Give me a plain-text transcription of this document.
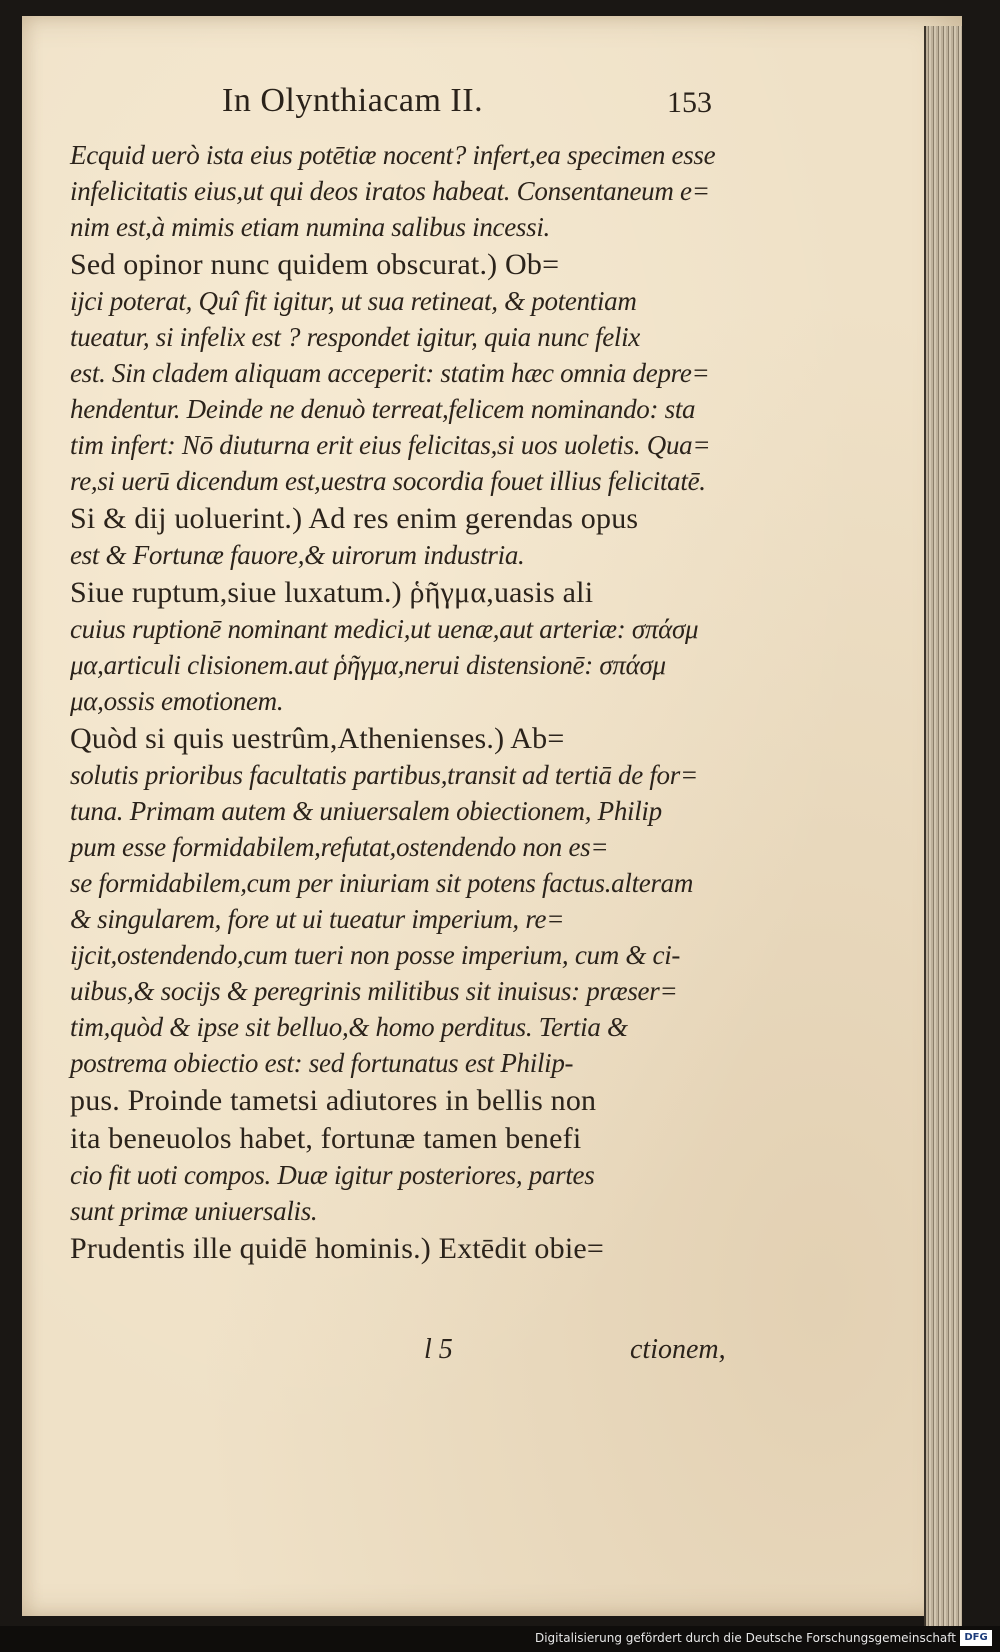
In Olynthiacam II.	153
Ecquid uerò ista eius potētiæ nocent? infert,ea specimen esse
infelicitatis eius,ut qui deos iratos habeat. Consentaneum e=
nim est,à mimis etiam numina salibus incessi.
Sed opinor nunc quidem obscurat.) Ob=
ijci poterat, Quî fit igitur, ut sua retineat, & potentiam
tueatur, si infelix est ? respondet igitur, quia nunc felix
est. Sin cladem aliquam acceperit: statim hæc omnia depre=
hendentur. Deinde ne denuò terreat,felicem nominando: sta
tim infert: Nō diuturna erit eius felicitas,si uos uoletis. Qua=
re,si uerū dicendum est,uestra socordia fouet illius felicitatē.
Si & dij uoluerint.) Ad res enim gerendas opus
est & Fortunæ fauore,& uirorum industria.
Siue ruptum,siue luxatum.) ῥῆγμα,uasis ali
cuius ruptionē nominant medici,ut uenæ,aut arteriæ: σπάσμ
μα,articuli clisionem.aut ῥῆγμα,nerui distensionē: σπάσμ
μα,ossis emotionem.
Quòd si quis uestrûm,Athenienses.) Ab=
solutis prioribus facultatis partibus,transit ad tertiā de for=
tuna. Primam autem & uniuersalem obiectionem, Philip
pum esse formidabilem,refutat,ostendendo non es=
se formidabilem,cum per iniuriam sit potens factus.alteram
& singularem, fore ut ui tueatur imperium, re=
ijcit,ostendendo,cum tueri non posse imperium, cum & ci-
uibus,& socijs & peregrinis militibus sit inuisus: præser=
tim,quòd & ipse sit belluo,& homo perditus. Tertia &
postrema obiectio est: sed fortunatus est Philip-
pus. Proinde tametsi adiutores in bellis non
ita beneuolos habet, fortunæ tamen benefi
cio fit uoti compos. Duæ igitur posteriores, partes
sunt primæ uniuersalis.
Prudentis ille quidē hominis.) Extēdit obie=
l 5	ctionem,
Digitalisierung gefördert durch die Deutsche Forschungsgemeinschaft DFG
